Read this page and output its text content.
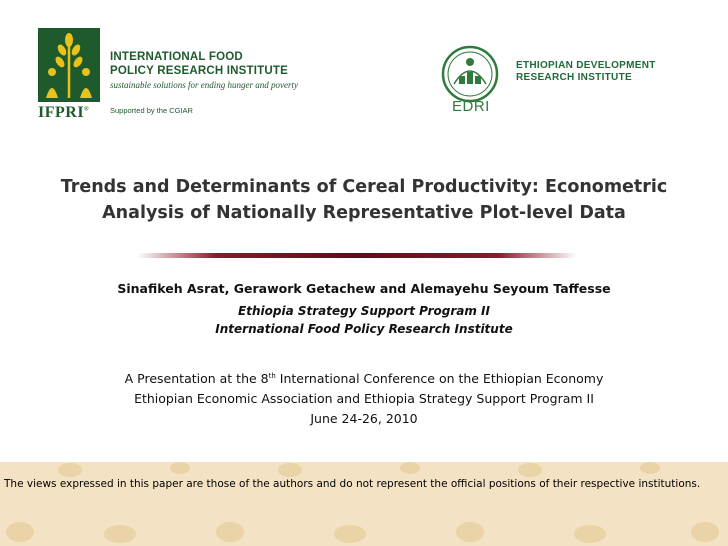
IFPRI®
INTERNATIONAL FOOD
POLICY RESEARCH INSTITUTE
sustainable solutions for ending hunger and poverty
Supported by the CGIAR	EDRI
ETHIOPIAN DEVELOPMENT
RESEARCH INSTITUTE
Trends and Determinants of Cereal Productivity: Econometric
Analysis of Nationally Representative Plot-level Data
Sinafikeh Asrat, Gerawork Getachew and Alemayehu Seyoum Taffesse
Ethiopia Strategy Support Program II
International Food Policy Research Institute
A Presentation at the 8th International Conference on the Ethiopian Economy
Ethiopian Economic Association and Ethiopia Strategy Support Program II
June 24-26, 2010
The views expressed in this paper are those of the authors and do not represent the official positions of their respective institutions.
